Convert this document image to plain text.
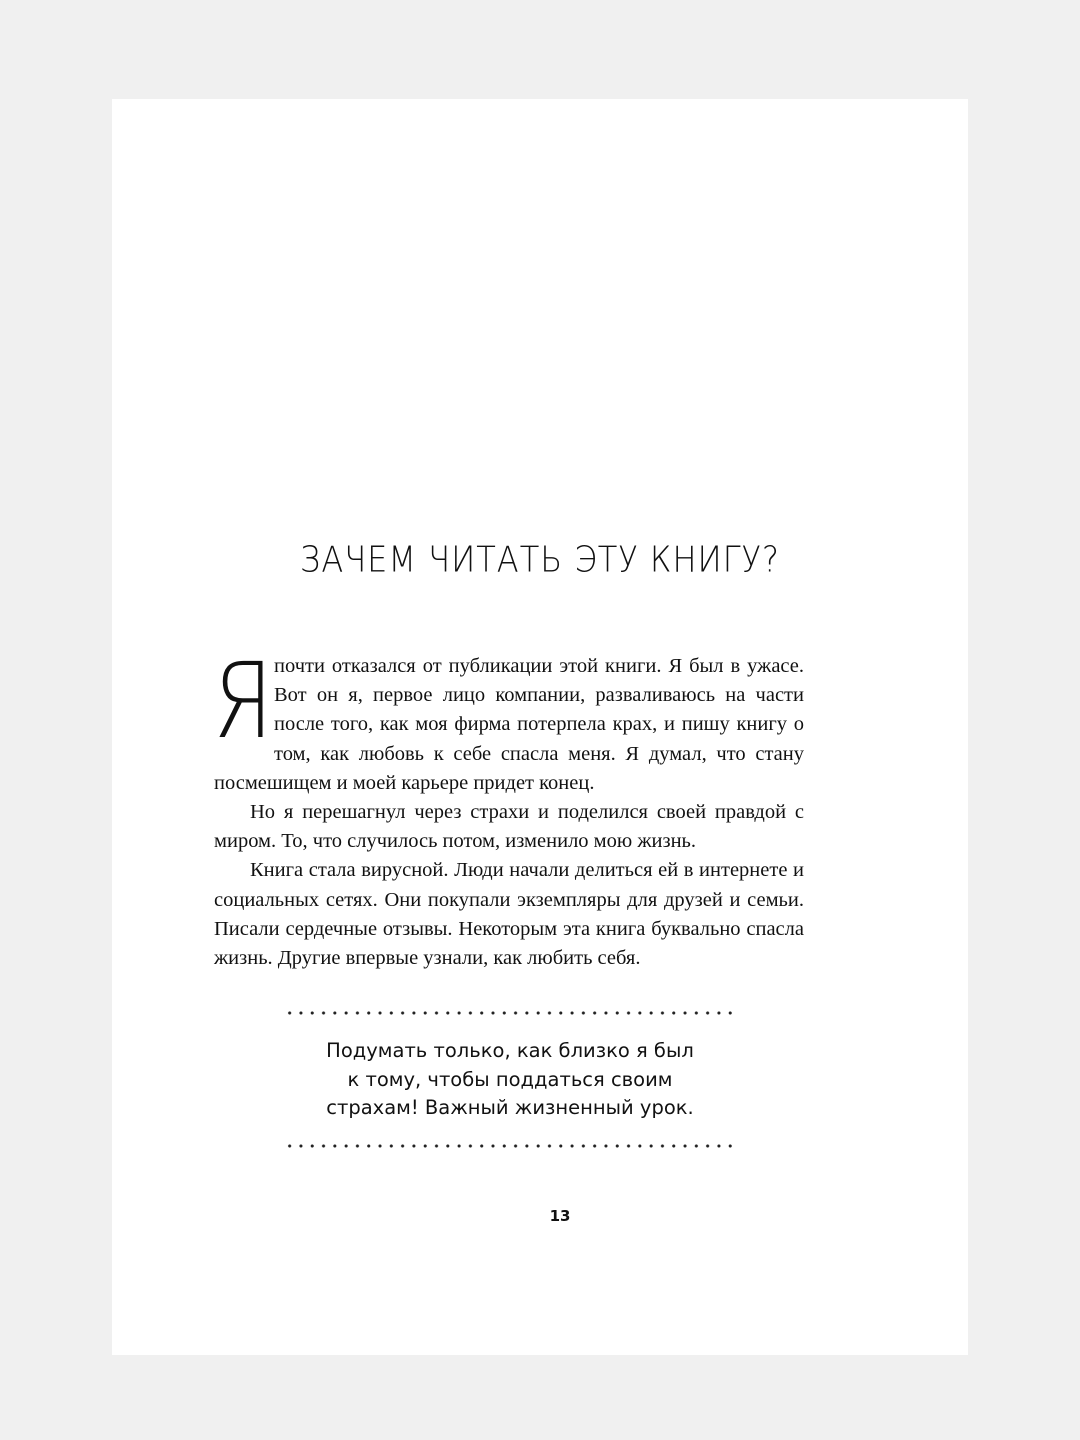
ЗАЧЕМ ЧИТАТЬ ЭТУ КНИГУ?

Я почти отказался от публикации этой книги. Я был в ужасе. Вот он я, первое лицо компании, разваливаюсь на части после того, как моя фирма потерпела крах, и пишу книгу о том, как любовь к себе спасла меня. Я думал, что стану посмешищем и моей карьере придет конец.

Но я перешагнул через страхи и поделился своей правдой с миром. То, что случилось потом, изменило мою жизнь.

Книга стала вирусной. Люди начали делиться ей в интернете и социальных сетях. Они покупали экземпляры для друзей и семьи. Писали сердечные отзывы. Некоторым эта книга буквально спасла жизнь. Другие впервые узнали, как любить себя.

Подумать только, как близко я был
к тому, чтобы поддаться своим
страхам! Важный жизненный урок.
13
